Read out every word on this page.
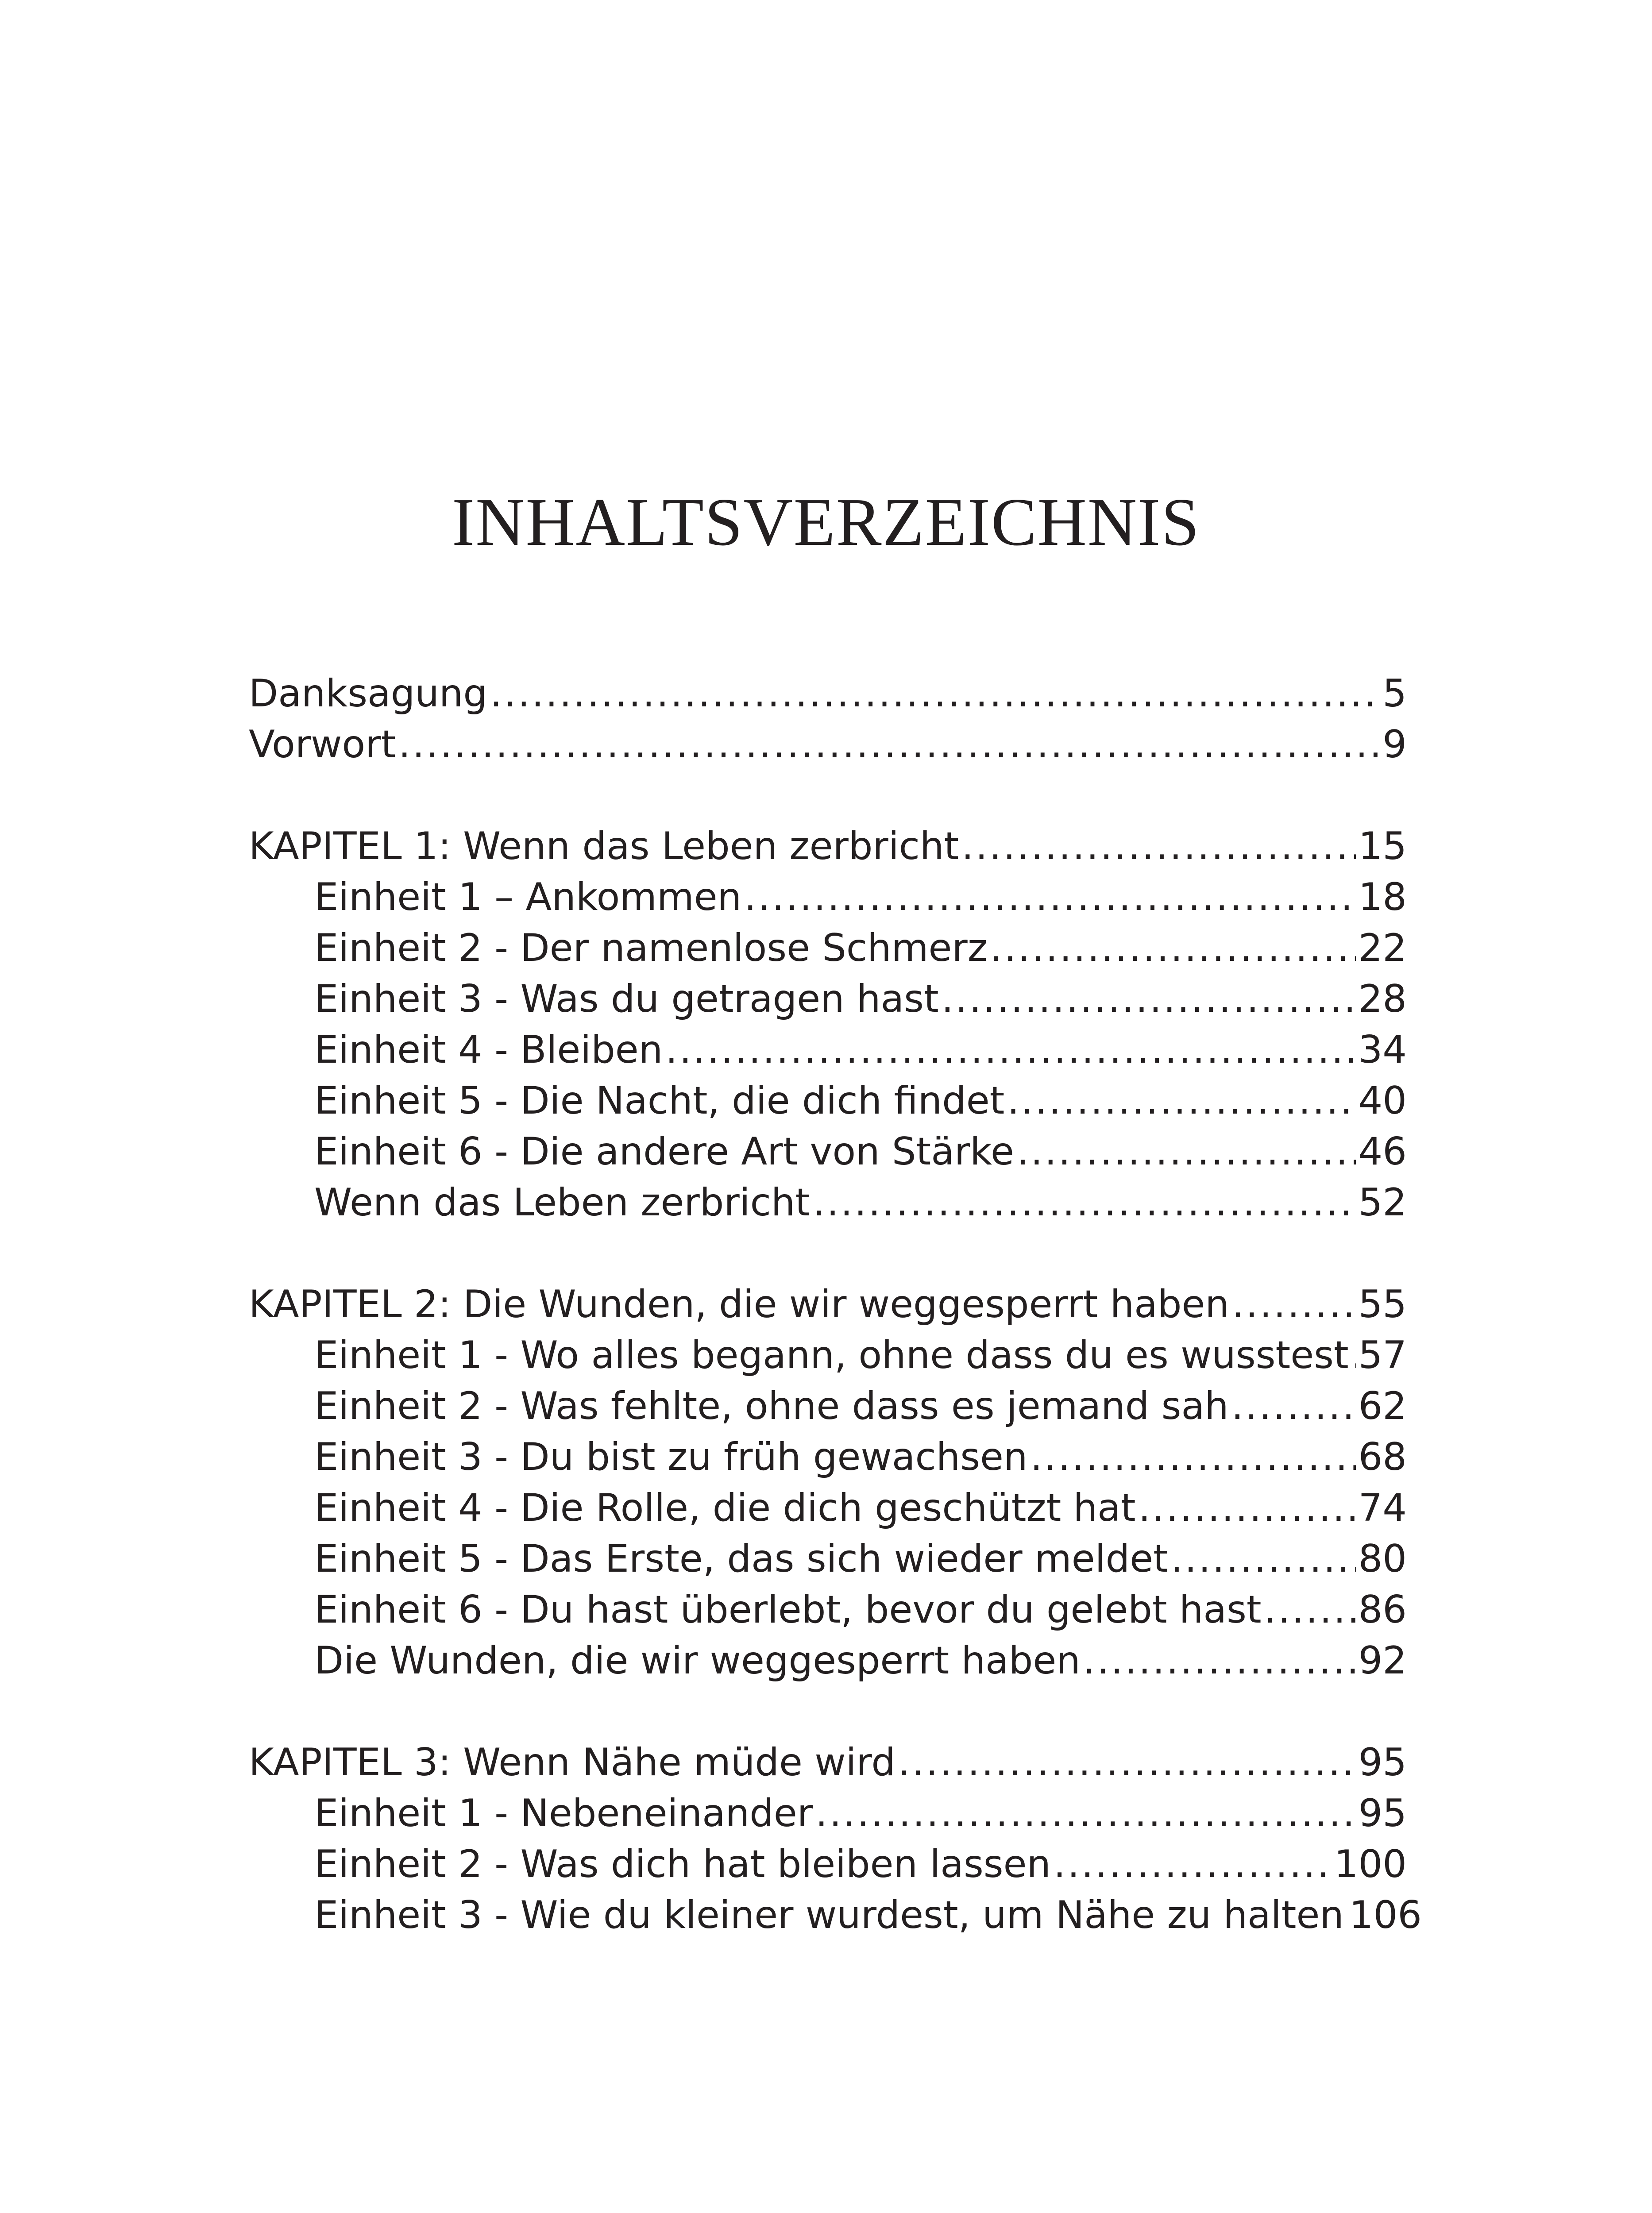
INHALTSVERZEICHNIS
Danksagung .....	5
Vorwort .....	9
KAPITEL 1: Wenn das Leben zerbricht .....	15
Einheit 1 – Ankommen .....	18
Einheit 2 - Der namenlose Schmerz .....	22
Einheit 3 - Was du getragen hast .....	28
Einheit 4 - Bleiben .....	34
Einheit 5 - Die Nacht, die dich findet .....	40
Einheit 6 - Die andere Art von Stärke .....	46
Wenn das Leben zerbricht .....	52
KAPITEL 2: Die Wunden, die wir weggesperrt haben .....	55
Einheit 1 - Wo alles begann, ohne dass du es wusstest ..... 57
Einheit 2 - Was fehlte, ohne dass es jemand sah .....	62
Einheit 3 - Du bist zu früh gewachsen .....	68
Einheit 4 - Die Rolle, die dich geschützt hat .....	74
Einheit 5 - Das Erste, das sich wieder meldet .....	80
Einheit 6 - Du hast überlebt, bevor du gelebt hast .....	86
Die Wunden, die wir weggesperrt haben .....	92
KAPITEL 3: Wenn Nähe müde wird .....	95
Einheit 1 - Nebeneinander .....	95
Einheit 2 - Was dich hat bleiben lassen .....	100
Einheit 3 - Wie du kleiner wurdest, um Nähe zu halten 106
